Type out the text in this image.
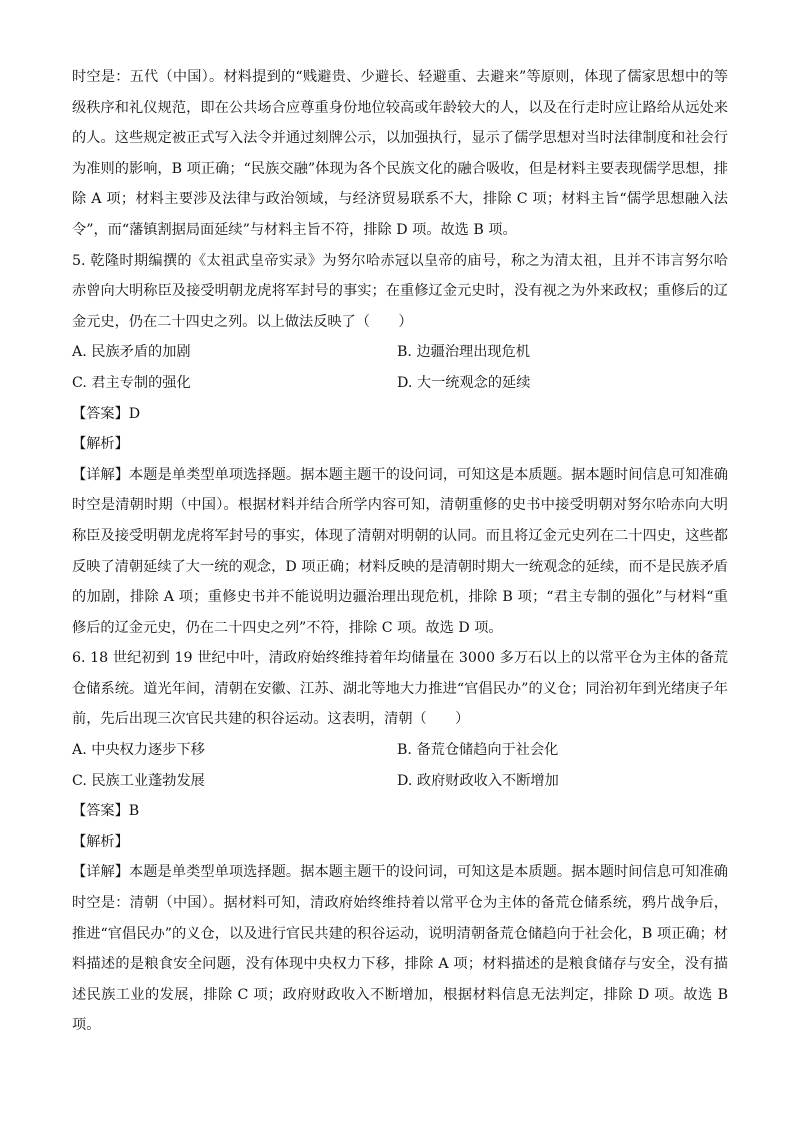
时空是：五代（中国）。材料提到的“贱避贵、少避长、轻避重、去避来”等原则，体现了儒家思想中的等级秩序和礼仪规范，即在公共场合应尊重身份地位较高或年龄较大的人，以及在行走时应让路给从远处来的人。这些规定被正式写入法令并通过刻牌公示，以加强执行，显示了儒学思想对当时法律制度和社会行为准则的影响，B 项正确；“民族交融”体现为各个民族文化的融合吸收，但是材料主要表现儒学思想，排除 A 项；材料主要涉及法律与政治领域，与经济贸易联系不大，排除 C 项；材料主旨“儒学思想融入法令”，而“藩镇割据局面延续”与材料主旨不符，排除 D 项。故选 B 项。

5. 乾隆时期编撰的《太祖武皇帝实录》为努尔哈赤冠以皇帝的庙号，称之为清太祖，且并不讳言努尔哈赤曾向大明称臣及接受明朝龙虎将军封号的事实；在重修辽金元史时，没有视之为外来政权；重修后的辽金元史，仍在二十四史之列。以上做法反映了（　　）

A. 民族矛盾的加剧	B. 边疆治理出现危机
C. 君主专制的强化	D. 大一统观念的延续

【答案】D

【解析】

【详解】本题是单类型单项选择题。据本题主题干的设问词，可知这是本质题。据本题时间信息可知准确时空是清朝时期（中国）。根据材料并结合所学内容可知，清朝重修的史书中接受明朝对努尔哈赤向大明称臣及接受明朝龙虎将军封号的事实，体现了清朝对明朝的认同。而且将辽金元史列在二十四史，这些都反映了清朝延续了大一统的观念，D 项正确；材料反映的是清朝时期大一统观念的延续，而不是民族矛盾的加剧，排除 A 项；重修史书并不能说明边疆治理出现危机，排除 B 项；“君主专制的强化”与材料“重修后的辽金元史，仍在二十四史之列”不符，排除 C 项。故选 D 项。

6. 18 世纪初到 19 世纪中叶，清政府始终维持着年均储量在 3000 多万石以上的以常平仓为主体的备荒仓储系统。道光年间，清朝在安徽、江苏、湖北等地大力推进“官倡民办”的义仓；同治初年到光绪庚子年前，先后出现三次官民共建的积谷运动。这表明，清朝（　　）

A. 中央权力逐步下移	B. 备荒仓储趋向于社会化
C. 民族工业蓬勃发展	D. 政府财政收入不断增加

【答案】B

【解析】

【详解】本题是单类型单项选择题。据本题主题干的设问词，可知这是本质题。据本题时间信息可知准确时空是：清朝（中国）。据材料可知，清政府始终维持着以常平仓为主体的备荒仓储系统，鸦片战争后，推进“官倡民办”的义仓，以及进行官民共建的积谷运动，说明清朝备荒仓储趋向于社会化，B 项正确；材料描述的是粮食安全问题，没有体现中央权力下移，排除 A 项；材料描述的是粮食储存与安全，没有描述民族工业的发展，排除 C 项；政府财政收入不断增加，根据材料信息无法判定，排除 D 项。故选 B 项。
